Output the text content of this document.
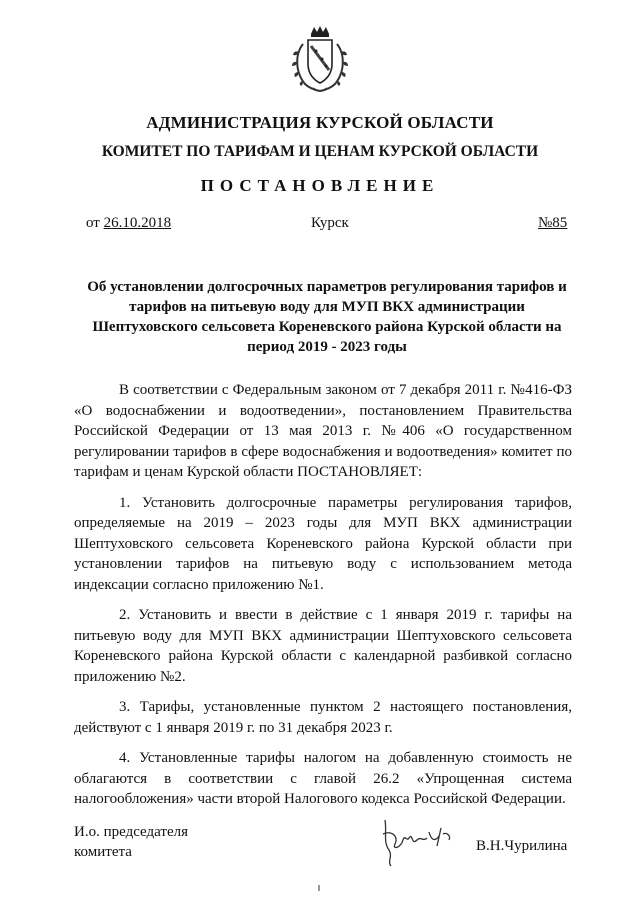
АДМИНИСТРАЦИЯ КУРСКОЙ ОБЛАСТИ
КОМИТЕТ ПО ТАРИФАМ И ЦЕНАМ КУРСКОЙ ОБЛАСТИ
ПОСТАНОВЛЕНИЕ
от 26.10.2018	Курск	№85
Об установлении долгосрочных параметров регулирования тарифов и тарифов на питьевую воду для МУП ВКХ администрации Шептуховского сельсовета Кореневского района Курской области на период 2019 - 2023 годы

В соответствии с Федеральным законом от 7 декабря 2011 г. №416-ФЗ «О водоснабжении и водоотведении», постановлением Правительства Российской Федерации от 13 мая 2013 г. №406 «О государственном регулировании тарифов в сфере водоснабжения и водоотведения» комитет по тарифам и ценам Курской области ПОСТАНОВЛЯЕТ:

1. Установить долгосрочные параметры регулирования тарифов, определяемые на 2019 – 2023 годы для МУП ВКХ администрации Шептуховского сельсовета Кореневского района Курской области при установлении тарифов на питьевую воду с использованием метода индексации согласно приложению №1.

2. Установить и ввести в действие с 1 января 2019 г. тарифы на питьевую воду для МУП ВКХ администрации Шептуховского сельсовета Кореневского района Курской области с календарной разбивкой согласно приложению №2.

3. Тарифы, установленные пунктом 2 настоящего постановления, действуют с 1 января 2019 г. по 31 декабря 2023 г.

4. Установленные тарифы налогом на добавленную стоимость не облагаются в соответствии с главой 26.2 «Упрощенная система налогообложения» части второй Налогового кодекса Российской Федерации.

И.о. председателя
комитета	В.Н.Чурилина
